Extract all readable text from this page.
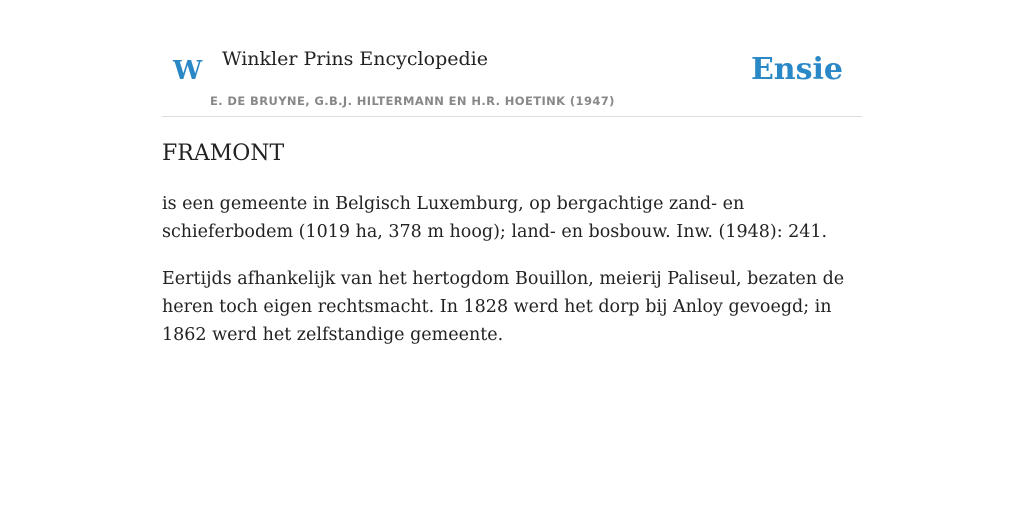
W Winkler Prins Encyclopedie
E. DE BRUYNE, G.B.J. HILTERMANN EN H.R. HOETINK (1947)
Ensie
FRAMONT

is een gemeente in Belgisch Luxemburg, op bergachtige zand- en schieferbodem (1019 ha, 378 m hoog); land- en bosbouw. Inw. (1948): 241.

Eertijds afhankelijk van het hertogdom Bouillon, meierij Paliseul, bezaten de heren toch eigen rechtsmacht. In 1828 werd het dorp bij Anloy gevoegd; in 1862 werd het zelfstandige gemeente.
